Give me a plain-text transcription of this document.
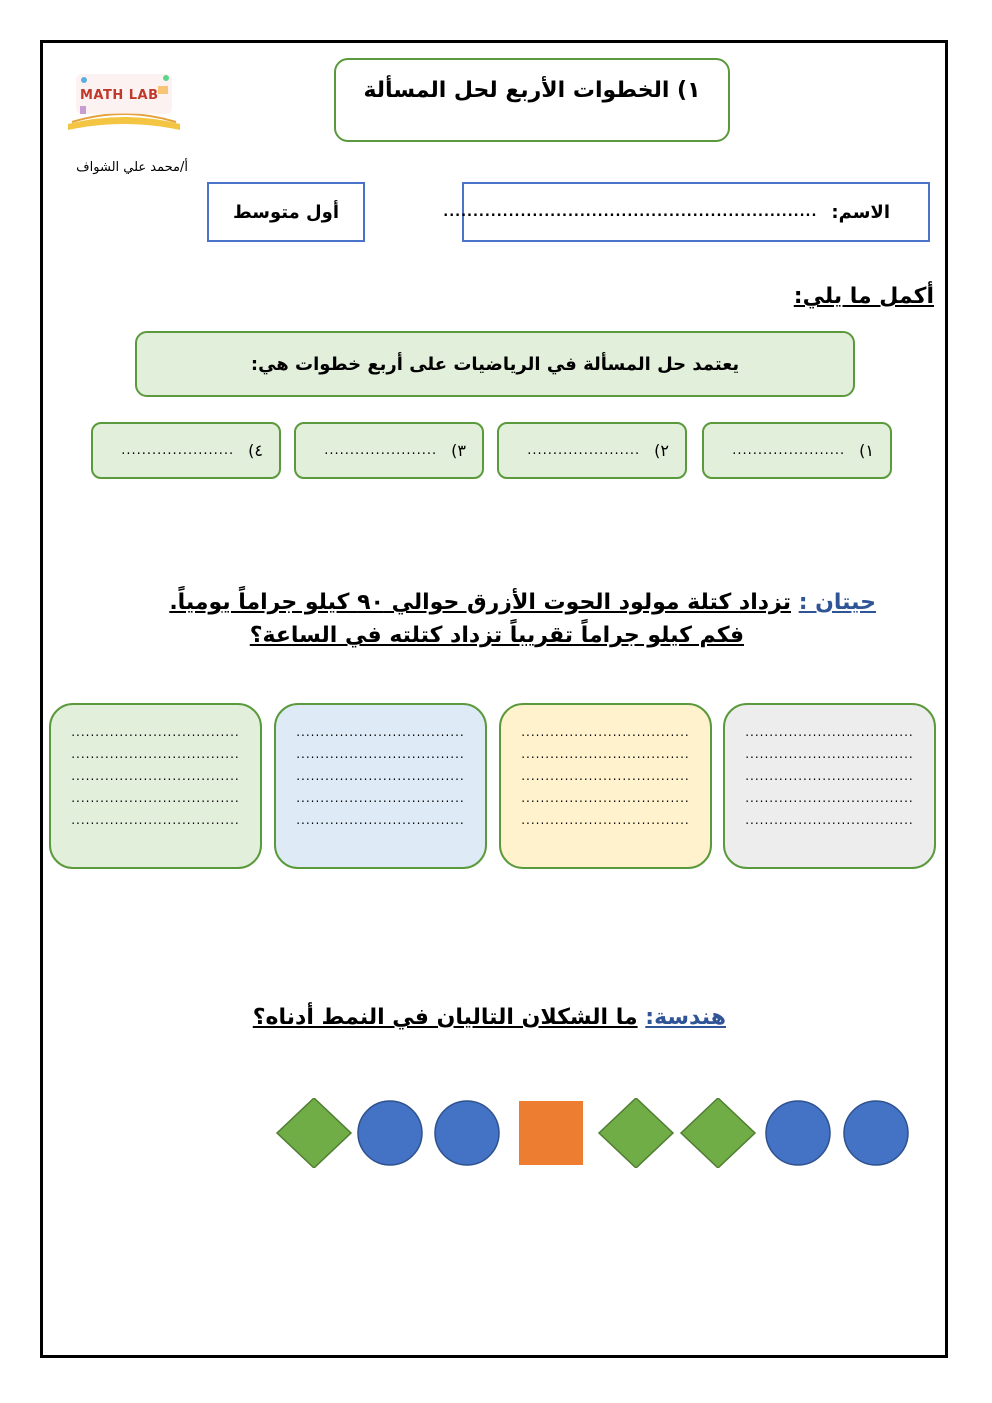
MATH LAB
أ/محمد علي الشواف
١) الخطوات الأربع لحل المسألة
الاسم:
...............................................................
أول متوسط
أكمل ما يلي:
يعتمد حل المسألة في الرياضيات على أربع خطوات هي:
١)
......................
٢)
......................
٣)
......................
٤)
......................
حيتان : تزداد كتلة مولود الحوت الأزرق حوالي ٩٠ كيلو جراماً يومياً.
فكم كيلو جراماً تقريباً تزداد كتلته في الساعة؟
...................................
...................................
...................................
...................................
...................................
...................................
...................................
...................................
...................................
...................................
...................................
...................................
...................................
...................................
...................................
...................................
...................................
...................................
...................................
...................................
هندسة: ما الشكلان التاليان في النمط أدناه؟
